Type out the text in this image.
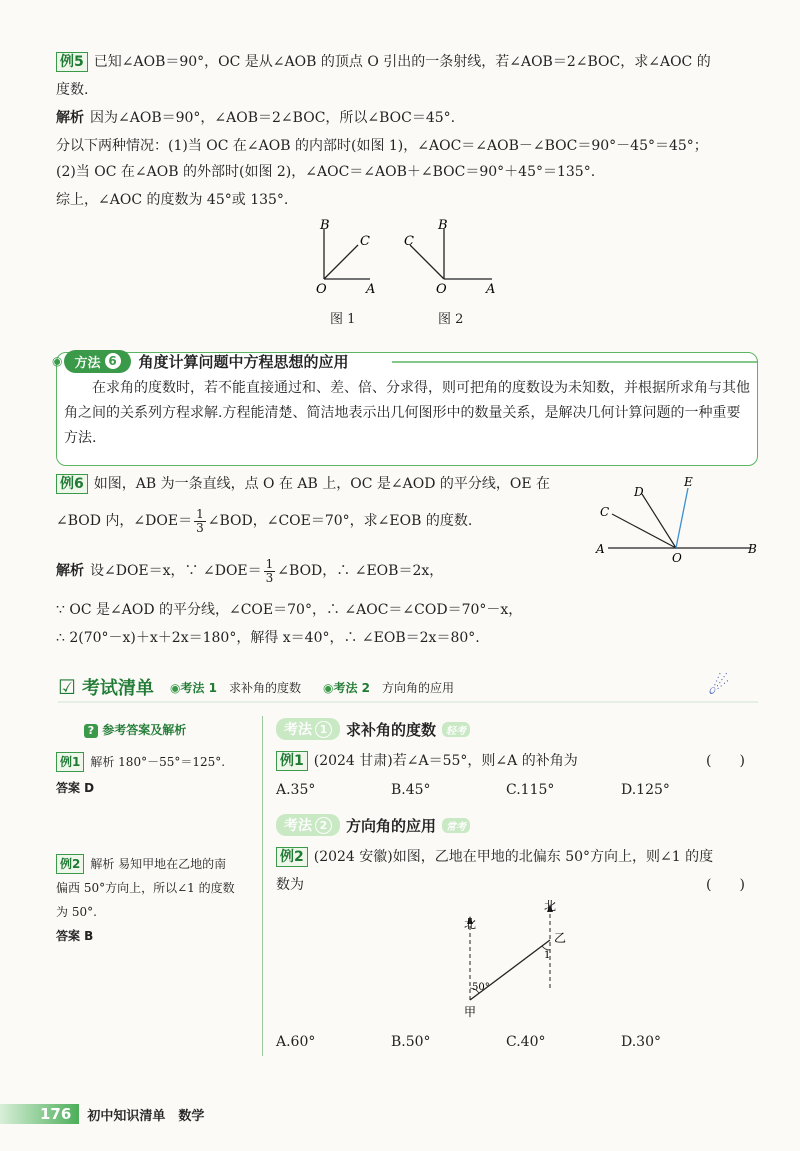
例5 已知∠AOB＝90°，OC 是从∠AOB 的顶点 O 引出的一条射线，若∠AOB＝2∠BOC，求∠AOC 的
度数.
解析 因为∠AOB＝90°，∠AOB＝2∠BOC，所以∠BOC＝45°.
分以下两种情况：(1)当 OC 在∠AOB 的内部时(如图 1)，∠AOC＝∠AOB－∠BOC＝90°－45°＝45°；
(2)当 OC 在∠AOB 的外部时(如图 2)，∠AOC＝∠AOB＋∠BOC＝90°＋45°＝135°.
综上，∠AOC 的度数为 45°或 135°.
B
C
O	A
图 1
C
B
O	A
图 2
◉ 方法 6 角度计算问题中方程思想的应用
在求角的度数时，若不能直接通过和、差、倍、分求得，则可把角的度数设为未知数，并根据所求角与其他角之间的关系列方程求解.方程能清楚、简洁地表示出几何图形中的数量关系，是解决几何计算问题的一种重要方法.
例6 如图，AB 为一条直线，点 O 在 AB 上，OC 是∠AOD 的平分线，OE 在
∠BOD 内，∠DOE＝ $\frac{1}{3}$ ∠BOD，∠COE＝70°，求∠EOB 的度数.
解析 设∠DOE＝x，∵ ∠DOE＝ $\frac{1}{3}$ ∠BOD，∴ ∠EOB＝2x，
∵ OC 是∠AOD 的平分线，∠COE＝70°，∴ ∠AOC＝∠COD＝70°－x，
∴ 2(70°－x)＋x＋2x＝180°，解得 x＝40°，∴ ∠EOB＝2x＝80°.
D
E
C
A
O
B
☑ 考试清单 ◉考法 1　 求补角的度数 ◉考法 2　 方向角的应用	☄
? 参考答案及解析
例1 解析 180°－55°＝125°.
答案 D
例2 解析 易知甲地在乙地的南
偏西 50°方向上，所以∠1 的度数
为 50°.
答案 B
考法 1	求补角的度数	轻考
例1 (2024 甘肃)若∠A＝55°，则∠A 的补角为	(　　)
A.35°	B.45°	C.115°	D.125°
考法 2	方向角的应用	常考
例2 (2024 安徽)如图，乙地在甲地的北偏东 50°方向上，则∠1 的度
数为	(　　)
北
北
乙
甲
50°
1
A.60°	B.50°	C.40°	D.30°
176	初中知识清单　数学
